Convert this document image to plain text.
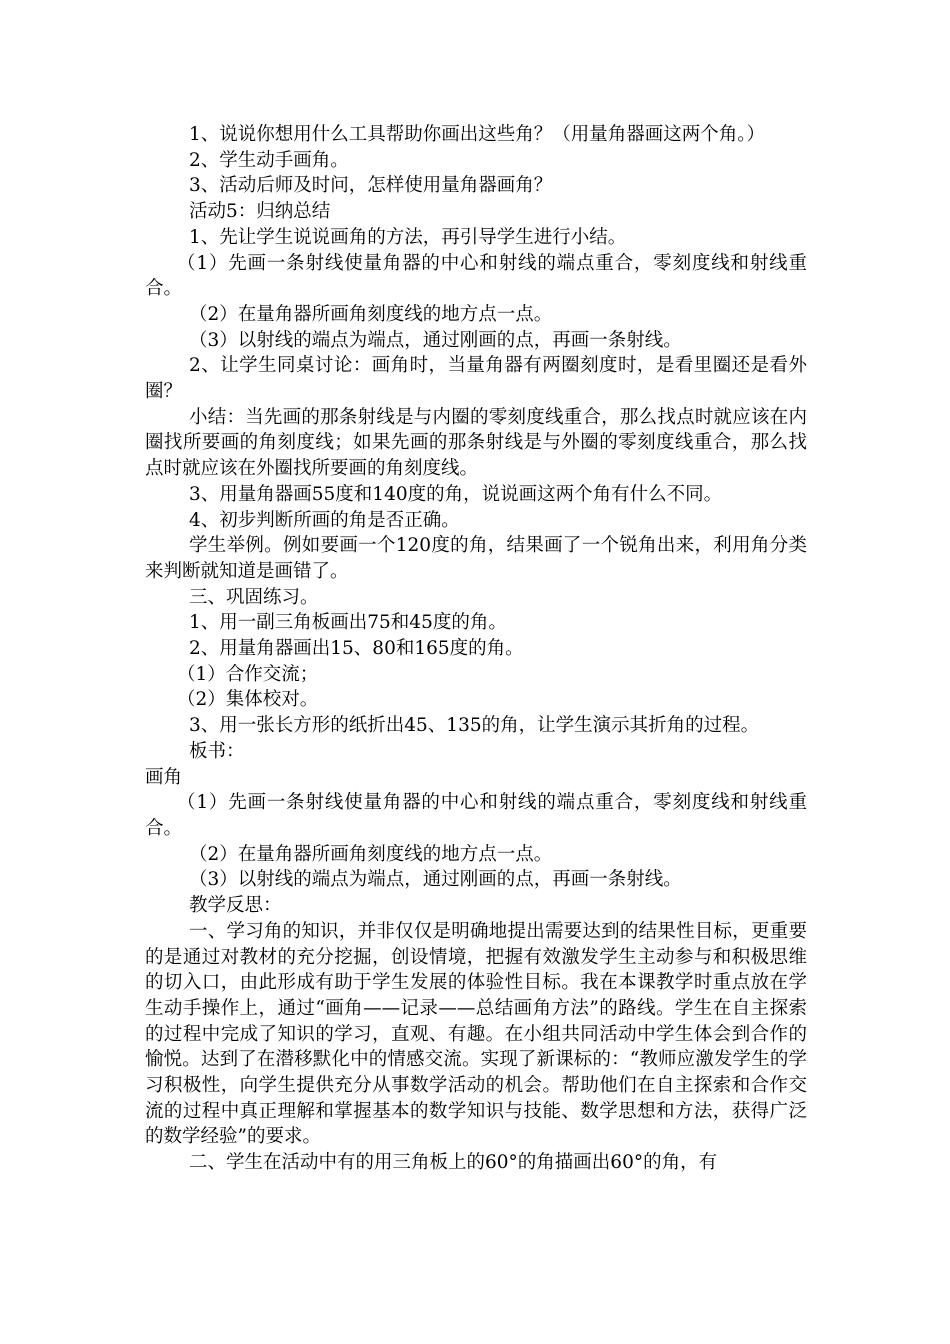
1、说说你想用什么工具帮助你画出这些角？（用量角器画这两个角。）

2、学生动手画角。

3、活动后师及时问，怎样使用量角器画角？

活动5：归纳总结

1、先让学生说说画角的方法，再引导学生进行小结。

（1）先画一条射线使量角器的中心和射线的端点重合，零刻度线和射线重合。

（2）在量角器所画角刻度线的地方点一点。

（3）以射线的端点为端点，通过刚画的点，再画一条射线。

2、让学生同桌讨论：画角时，当量角器有两圈刻度时，是看里圈还是看外圈？

小结：当先画的那条射线是与内圈的零刻度线重合，那么找点时就应该在内圈找所要画的角刻度线；如果先画的那条射线是与外圈的零刻度线重合，那么找点时就应该在外圈找所要画的角刻度线。

3、用量角器画55度和140度的角，说说画这两个角有什么不同。

4、初步判断所画的角是否正确。

学生举例。例如要画一个120度的角，结果画了一个锐角出来，利用角分类来判断就知道是画错了。

三、巩固练习。

1、用一副三角板画出75和45度的角。

2、用量角器画出15、80和165度的角。

（1）合作交流；

（2）集体校对。

3、用一张长方形的纸折出45、135的角，让学生演示其折角的过程。

板书：

画角

（1）先画一条射线使量角器的中心和射线的端点重合，零刻度线和射线重合。

（2）在量角器所画角刻度线的地方点一点。

（3）以射线的端点为端点，通过刚画的点，再画一条射线。

教学反思：

一、学习角的知识，并非仅仅是明确地提出需要达到的结果性目标，更重要的是通过对教材的充分挖掘，创设情境，把握有效激发学生主动参与和积极思维的切入口，由此形成有助于学生发展的体验性目标。我在本课教学时重点放在学生动手操作上，通过“画角——记录——总结画角方法”的路线。学生在自主探索的过程中完成了知识的学习，直观、有趣。在小组共同活动中学生体会到合作的愉悦。达到了在潜移默化中的情感交流。实现了新课标的：“教师应激发学生的学习积极性，向学生提供充分从事数学活动的机会。帮助他们在自主探索和合作交流的过程中真正理解和掌握基本的数学知识与技能、数学思想和方法，获得广泛的数学经验”的要求。

二、学生在活动中有的用三角板上的60°的角描画出60°的角，有
